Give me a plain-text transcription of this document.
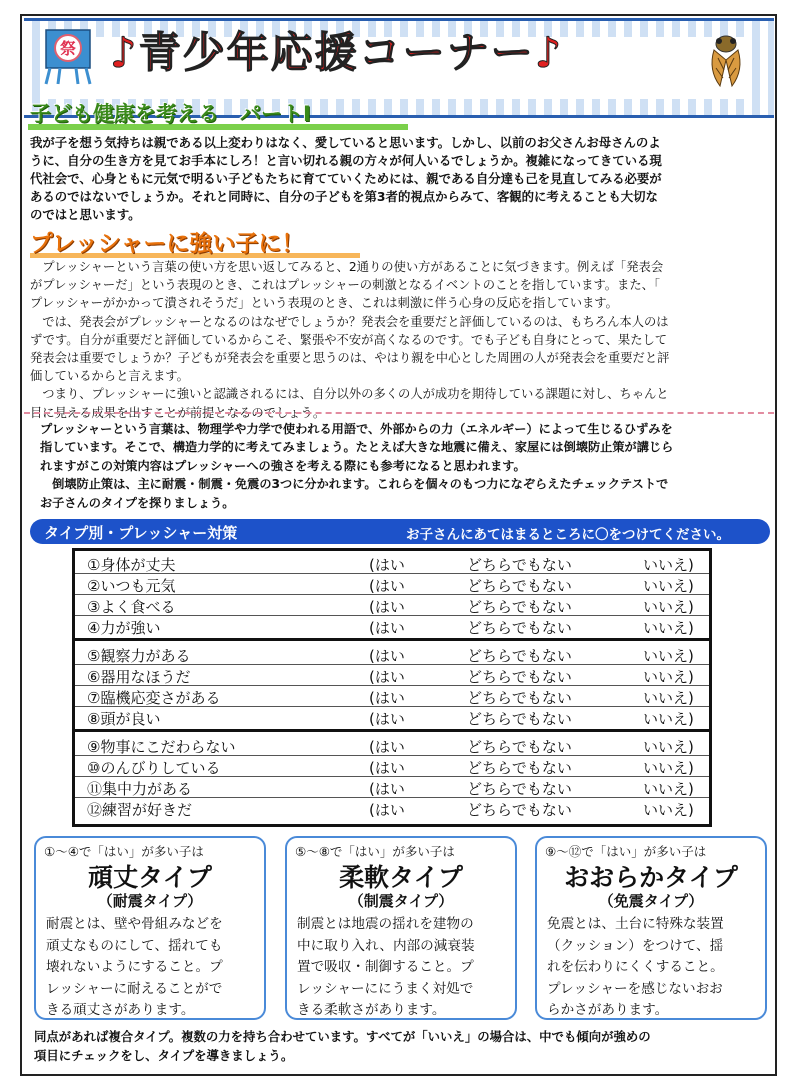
祭 ♪青少年応援コーナー♪
子ども健康を考える　パートⅠ
我が子を想う気持ちは親である以上変わりはなく、愛していると思います。しかし、以前のお父さんお母さんのよ
うに、自分の生き方を見てお手本にしろ！と言い切れる親の方々が何人いるでしょうか。複雑になってきている現
代社会で、心身ともに元気で明るい子どもたちに育てていくためには、親である自分達も己を見直してみる必要が
あるのではないでしょうか。それと同時に、自分の子どもを第3者的視点からみて、客観的に考えることも大切な
のではと思います。
プレッシャーに強い子に！
　プレッシャーという言葉の使い方を思い返してみると、2通りの使い方があることに気づきます。例えば「発表会
がプレッシャーだ」という表現のとき、これはプレッシャーの刺激となるイベントのことを指しています。また、「
プレッシャーがかかって潰されそうだ」という表現のとき、これは刺激に伴う心身の反応を指しています。
　では、発表会がプレッシャーとなるのはなぜでしょうか？発表会を重要だと評価しているのは、もちろん本人のは
ずです。自分が重要だと評価しているからこそ、緊張や不安が高くなるのです。でも子ども自身にとって、果たして
発表会は重要でしょうか？子どもが発表会を重要と思うのは、やはり親を中心とした周囲の人が発表会を重要だと評
価しているからと言えます。
　つまり、プレッシャーに強いと認識されるには、自分以外の多くの人が成功を期待している課題に対し、ちゃんと
目に見える成果を出すことが前提となるのでしょう。
プレッシャーという言葉は、物理学や力学で使われる用語で、外部からの力（エネルギー）によって生じるひずみを
指しています。そこで、構造力学的に考えてみましょう。たとえば大きな地震に備え、家屋には倒壊防止策が講じら
れますがこの対策内容はプレッシャーへの強さを考える際にも参考になると思われます。
　倒壊防止策は、主に耐震・制震・免震の3つに分かれます。これらを個々のもつ力になぞらえたチェックテストで
お子さんのタイプを探りましょう。
タイプ別・プレッシャー対策	お子さんにあてはまるところに〇をつけてください。
①身体が丈夫	(はい	どちらでもない	いいえ)
②いつも元気	(はい	どちらでもない	いいえ)
③よく食べる	(はい	どちらでもない	いいえ)
④力が強い	(はい	どちらでもない	いいえ)
⑤観察力がある	(はい	どちらでもない	いいえ)
⑥器用なほうだ	(はい	どちらでもない	いいえ)
⑦臨機応変さがある	(はい	どちらでもない	いいえ)
⑧頭が良い	(はい	どちらでもない	いいえ)
⑨物事にこだわらない	(はい	どちらでもない	いいえ)
⑩のんびりしている	(はい	どちらでもない	いいえ)
⑪集中力がある	(はい	どちらでもない	いいえ)
⑫練習が好きだ	(はい	どちらでもない	いいえ)
①〜④で「はい」が多い子は
頑丈タイプ
（耐震タイプ）
耐震とは、壁や骨組みなどを
頑丈なものにして、揺れても
壊れないようにすること。プ
レッシャーに耐えることがで
きる頑丈さがあります。
⑤〜⑧で「はい」が多い子は
柔軟タイプ
（制震タイプ）
制震とは地震の揺れを建物の
中に取り入れ、内部の減衰装
置で吸収・制御すること。プ
レッシャーににうまく対処で
きる柔軟さがあります。
⑨〜⑫で「はい」が多い子は
おおらかタイプ
（免震タイプ）
免震とは、土台に特殊な装置
（クッション）をつけて、揺
れを伝わりにくくすること。
プレッシャーを感じないおお
らかさがあります。
同点があれば複合タイプ。複数の力を持ち合わせています。すべてが「いいえ」の場合は、中でも傾向が強めの
項目にチェックをし、タイプを導きましょう。
